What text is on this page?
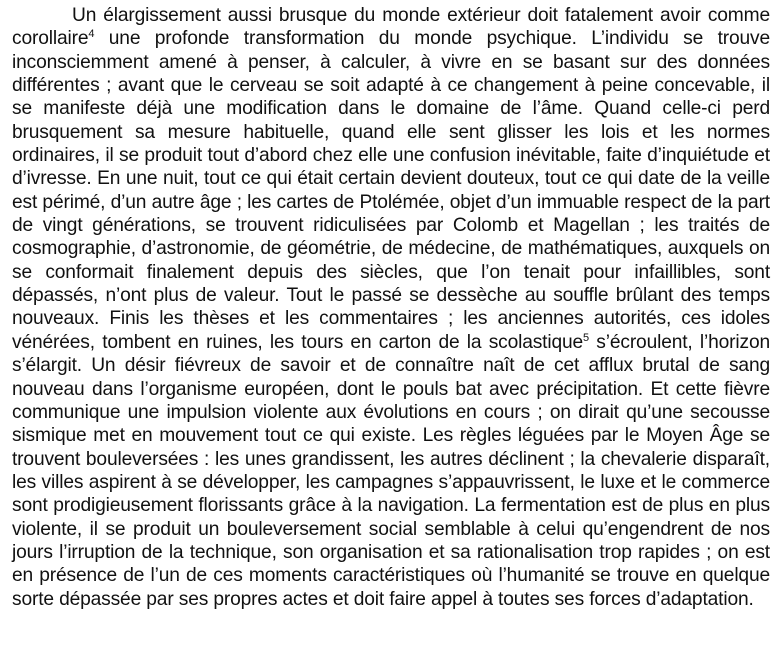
Un élargissement aussi brusque du monde extérieur doit fatalement avoir comme corollaire$^4$ une profonde transformation du monde psychique. L’individu se trouve inconsciemment amené à penser, à calculer, à vivre en se basant sur des données différentes ; avant que le cerveau se soit adapté à ce changement à peine concevable, il se manifeste déjà une modification dans le domaine de l’âme. Quand celle-ci perd brusquement sa mesure habituelle, quand elle sent glisser les lois et les normes ordinaires, il se produit tout d’abord chez elle une confusion inévitable, faite d’inquiétude et d’ivresse. En une nuit, tout ce qui était certain devient douteux, tout ce qui date de la veille est périmé, d’un autre âge ; les cartes de Ptolémée, objet d’un immuable respect de la part de vingt générations, se trouvent ridiculisées par Colomb et Magellan ; les traités de cosmographie, d’astronomie, de géométrie, de médecine, de mathématiques, auxquels on se conformait finalement depuis des siècles, que l’on tenait pour infaillibles, sont dépassés, n’ont plus de valeur. Tout le passé se dessèche au souffle brûlant des temps nouveaux. Finis les thèses et les commentaires ; les anciennes autorités, ces idoles vénérées, tombent en ruines, les tours en carton de la scolastique$^5$ s’écroulent, l’horizon s’élargit. Un désir fiévreux de savoir et de connaître naît de cet afflux brutal de sang nouveau dans l’organisme européen, dont le pouls bat avec précipitation. Et cette fièvre communique une impulsion violente aux évolutions en cours ; on dirait qu’une secousse sismique met en mouvement tout ce qui existe. Les règles léguées par le Moyen Âge se trouvent bouleversées : les unes grandissent, les autres déclinent ; la chevalerie disparaît, les villes aspirent à se développer, les campagnes s’appauvrissent, le luxe et le commerce sont prodigieusement florissants grâce à la navigation. La fermentation est de plus en plus violente, il se produit un bouleversement social semblable à celui qu’engendrent de nos jours l’irruption de la technique, son organisation et sa rationalisation trop rapides ; on est en présence de l’un de ces moments caractéristiques où l’humanité se trouve en quelque sorte dépassée par ses propres actes et doit faire appel à toutes ses forces d’adaptation.
